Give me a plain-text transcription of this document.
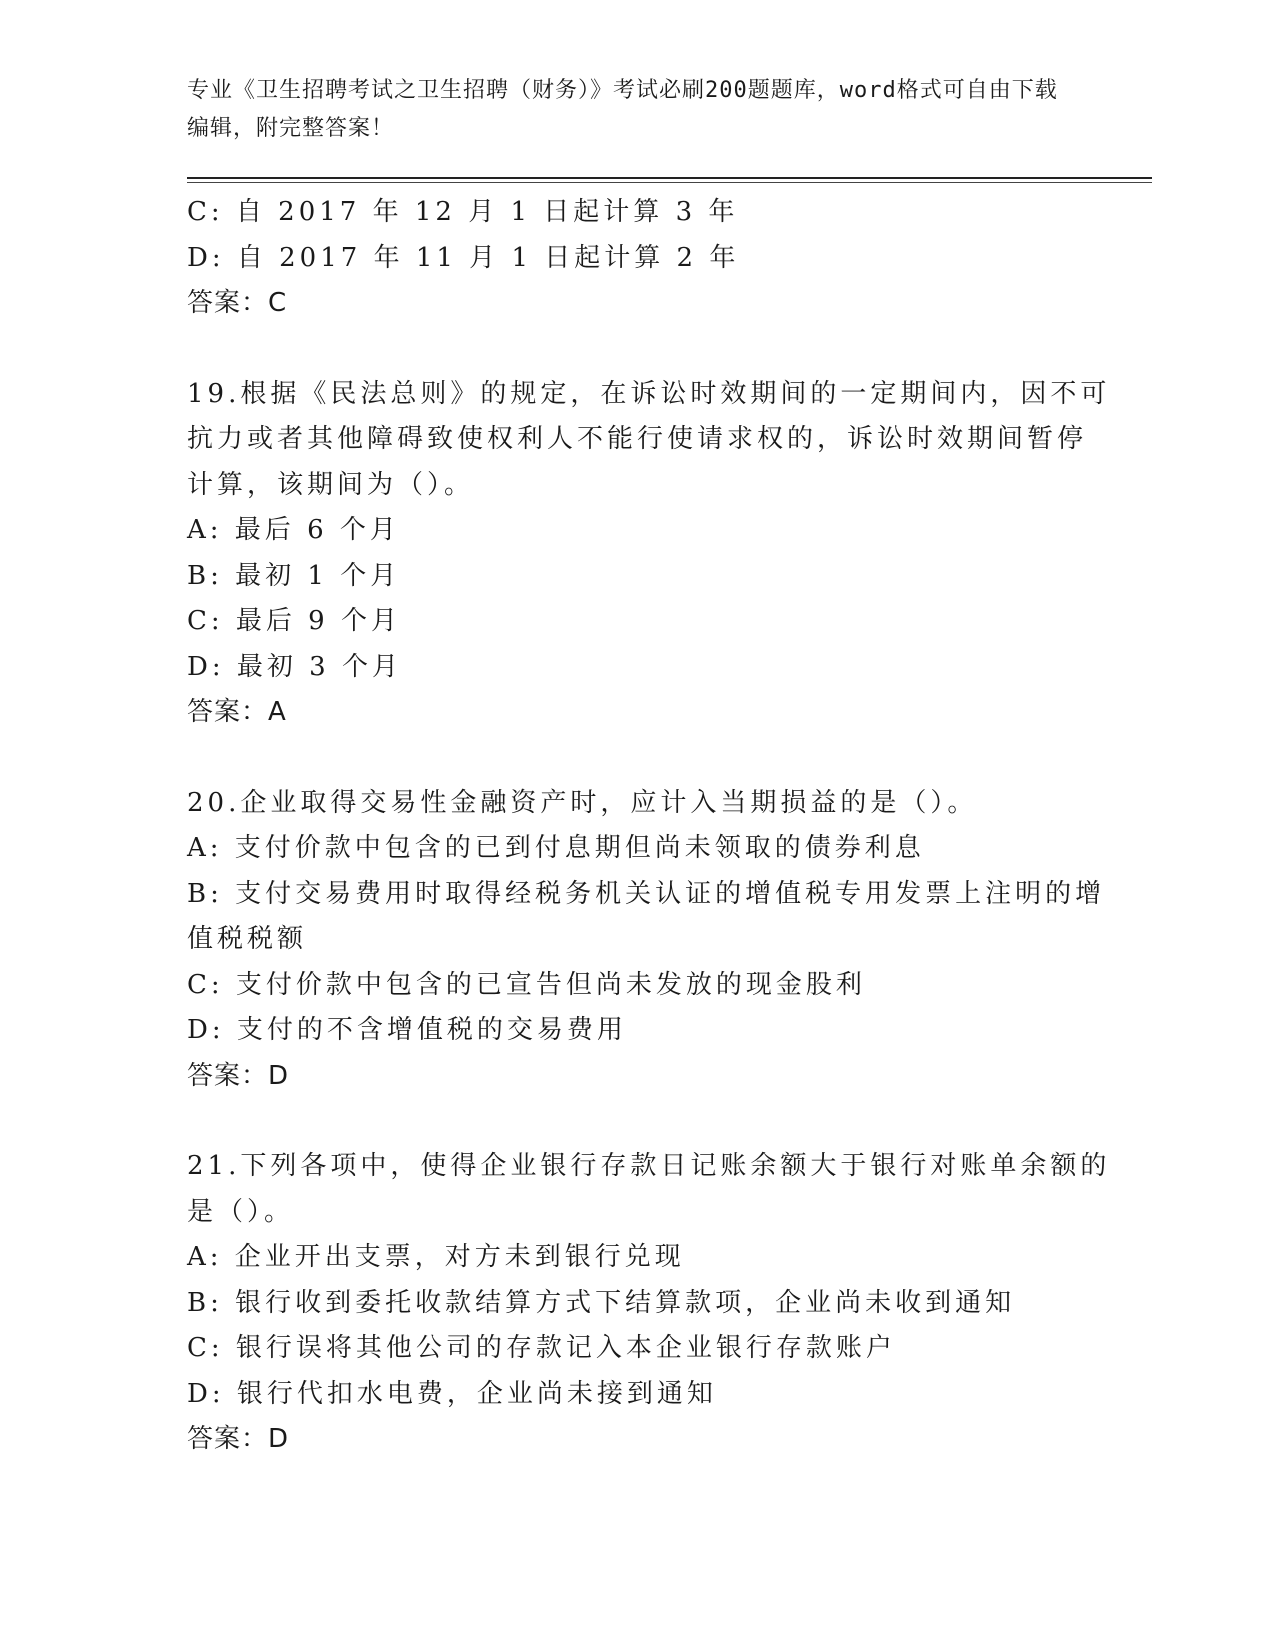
专业《卫生招聘考试之卫生招聘（财务）》考试必刷200题题库，word格式可自由下载编辑，附完整答案！
C: 自 2017 年 12 月 1 日起计算 3 年
D: 自 2017 年 11 月 1 日起计算 2 年
答案：C
19.根据《民法总则》的规定，在诉讼时效期间的一定期间内，因不可
抗力或者其他障碍致使权利人不能行使请求权的，诉讼时效期间暂停
计算，该期间为（）。
A: 最后 6 个月
B: 最初 1 个月
C: 最后 9 个月
D: 最初 3 个月
答案：A
20.企业取得交易性金融资产时，应计入当期损益的是（）。
A: 支付价款中包含的已到付息期但尚未领取的债券利息
B: 支付交易费用时取得经税务机关认证的增值税专用发票上注明的增
值税税额
C: 支付价款中包含的已宣告但尚未发放的现金股利
D: 支付的不含增值税的交易费用
答案：D
21.下列各项中，使得企业银行存款日记账余额大于银行对账单余额的
是（）。
A: 企业开出支票，对方未到银行兑现
B: 银行收到委托收款结算方式下结算款项，企业尚未收到通知
C: 银行误将其他公司的存款记入本企业银行存款账户
D: 银行代扣水电费，企业尚未接到通知
答案：D
